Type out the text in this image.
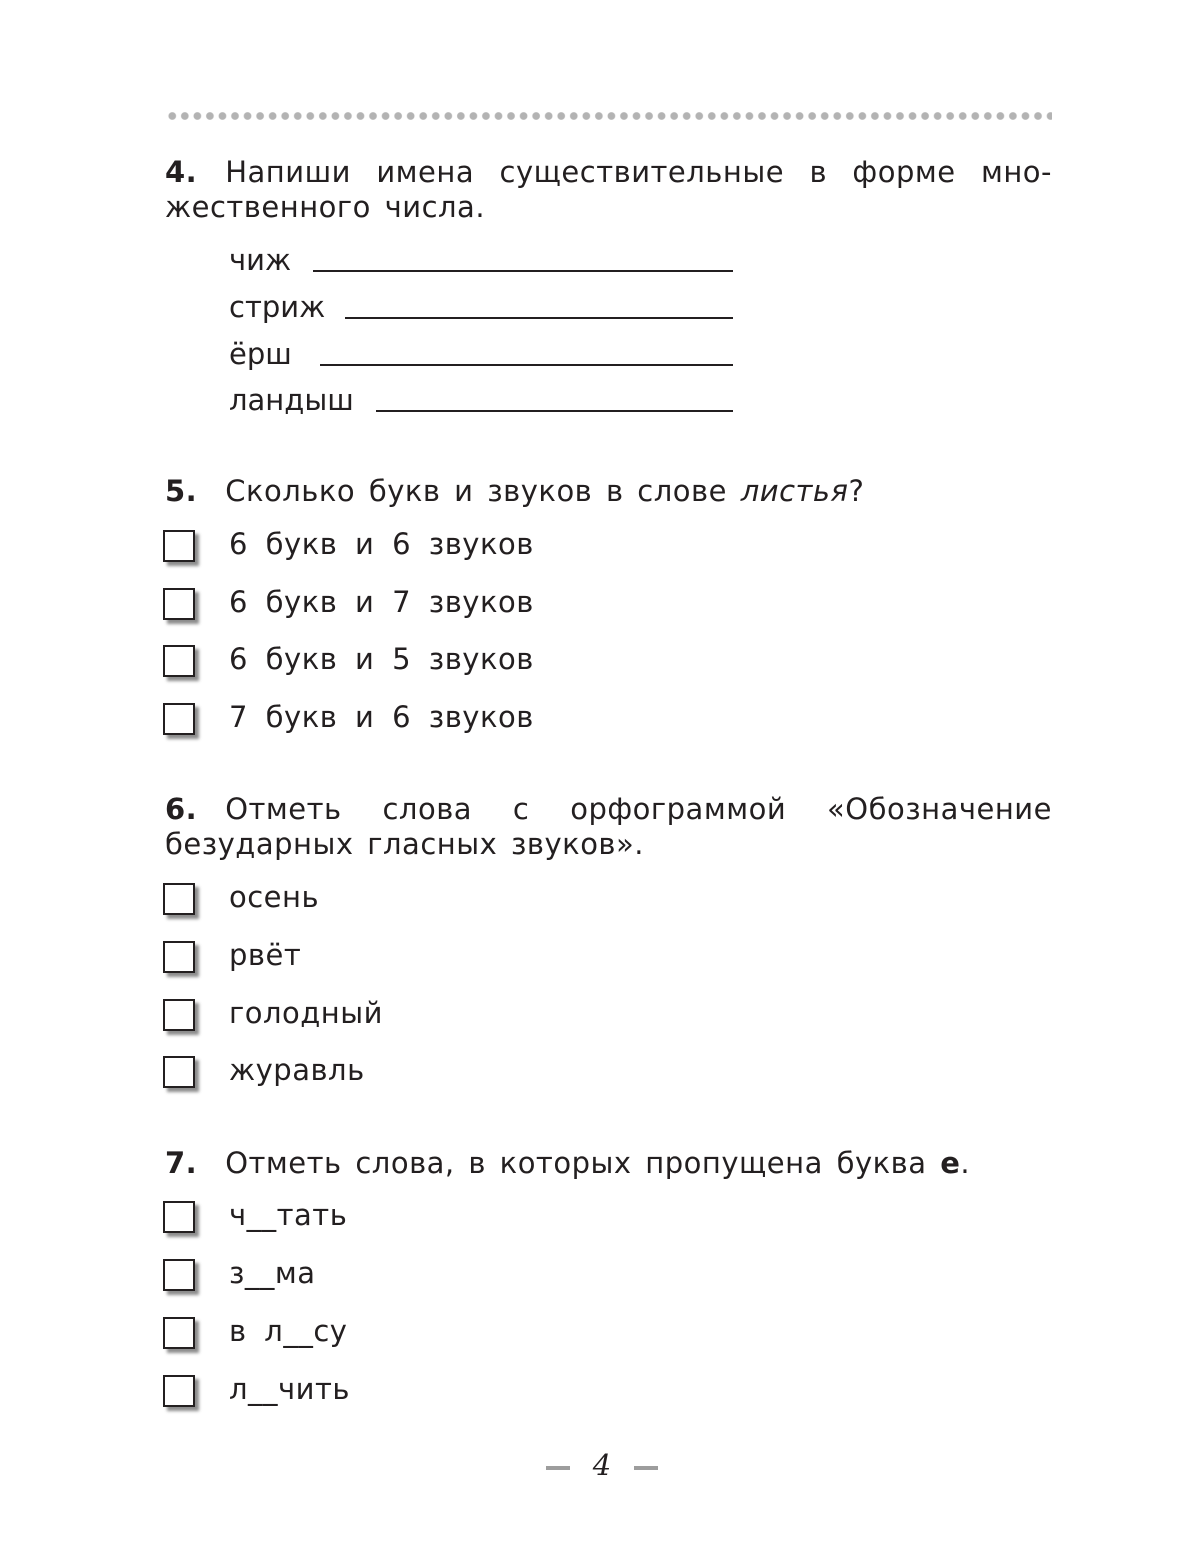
4. Напиши имена существительные в форме мно-
жественного числа.
чиж
стриж
ёрш
ландыш
5. Сколько букв и звуков в слове листья?
6 букв и 6 звуков
6 букв и 7 звуков
6 букв и 5 звуков
7 букв и 6 звуков
6. Отметь слова с орфограммой «Обозначение
безударных гласных звуков».
осень
рвёт
голодный
журавль
7. Отметь слова, в которых пропущена буква е.
ч__тать
з__ма
в л__су
л__чить
4
